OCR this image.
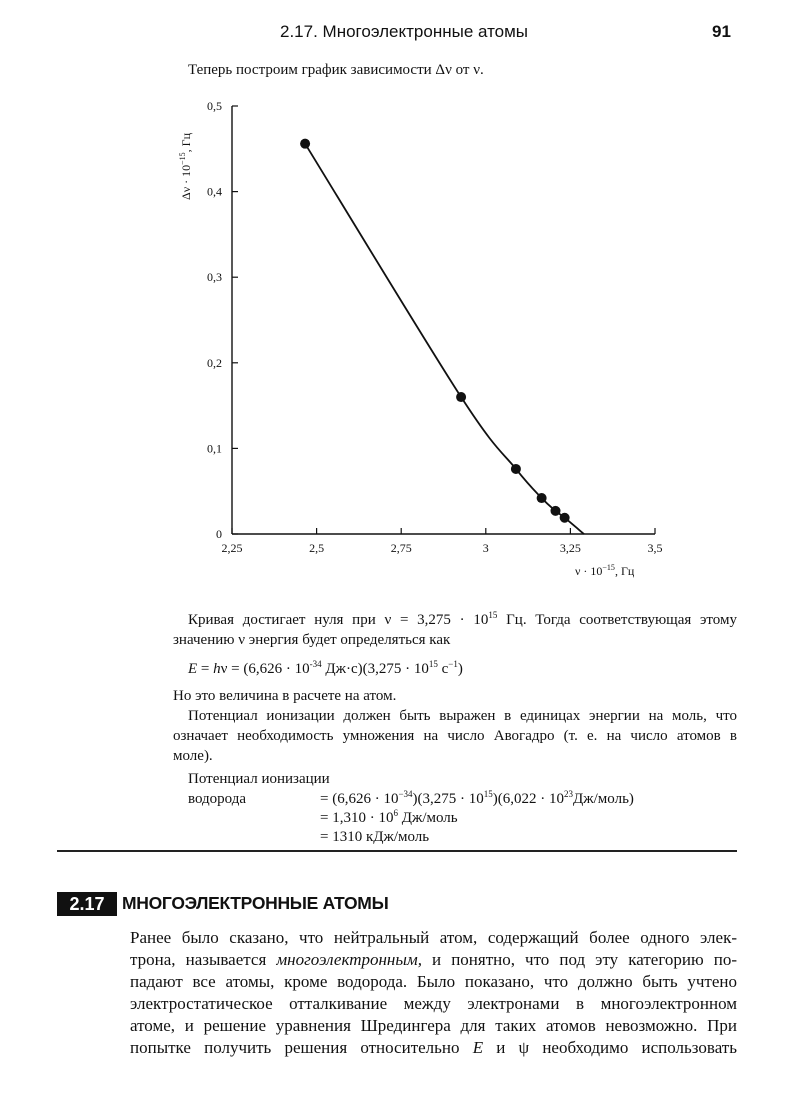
2.17. Многоэлектронные атомы	91
Теперь построим график зависимости Δν от ν.
2,25	2,5	2,75	3	3,25	3,5
0
0,1
0,2
0,3
0,4
0,5
$\nu \cdot 10^{-15}$, Гц
$\Delta\nu \cdot 10^{-15}$, Гц
Кривая достигает нуля при $\nu = 3,275 \cdot 10^{15}$ Гц. Тогда соответствующая этому
значению ν энергия будет определяться как
$E = h\nu = (6,626 \cdot 10^{-34}$ $Дж\cdot с)(3,275 \cdot 10^{15}$ $с^{-1}$)
Но это величина в расчете на атом.
Потенциал ионизации должен быть выражен в единицах энергии на моль, что
означает необходимость умножения на число Авогадро (т. е. на число атомов в
моле).
Потенциал ионизации
водорода	= $(6,626 \cdot 10^{-34})(3,275 \cdot 10^{15})(6,022$ · $10^{23}Дж/моль$)
= $1,310 \cdot 10^6$ Дж/моль
= 1310 кДж/моль
2.17 МНОГОЭЛЕКТРОННЫЕ АТОМЫ
Ранее было сказано, что нейтральный атом, содержащий более одного элек-
трона, называется многоэлектронным, и понятно, что под эту категорию по-
падают все атомы, кроме водорода. Было показано, что должно быть учтено
электростатическое отталкивание между электронами в многоэлектронном
атоме, и решение уравнения Шредингера для таких атомов невозможно. При
попытке получить решения относительно E и ψ необходимо использовать
